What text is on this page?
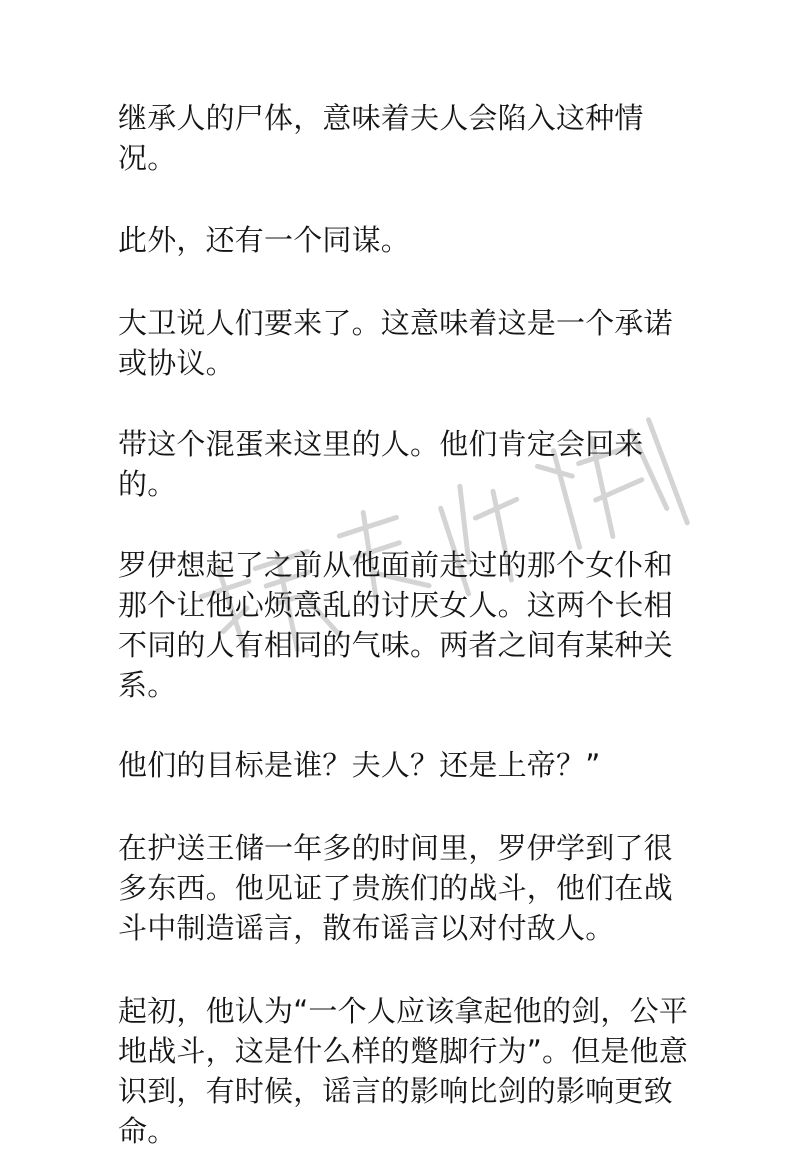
继承人的尸体，意味着夫人会陷入这种情况。

此外，还有一个同谋。

大卫说人们要来了。这意味着这是一个承诺或协议。

带这个混蛋来这里的人。他们肯定会回来的。

罗伊想起了之前从他面前走过的那个女仆和那个让他心烦意乱的讨厌女人。这两个长相不同的人有相同的气味。两者之间有某种关系。

他们的目标是谁？夫人？还是上帝？”

在护送王储一年多的时间里，罗伊学到了很多东西。他见证了贵族们的战斗，他们在战斗中制造谣言，散布谣言以对付敌人。

起初，他认为“一个人应该拿起他的剑，公平地战斗，这是什么样的蹩脚行为”。但是他意识到，有时候，谣言的影响比剑的影响更致命。
